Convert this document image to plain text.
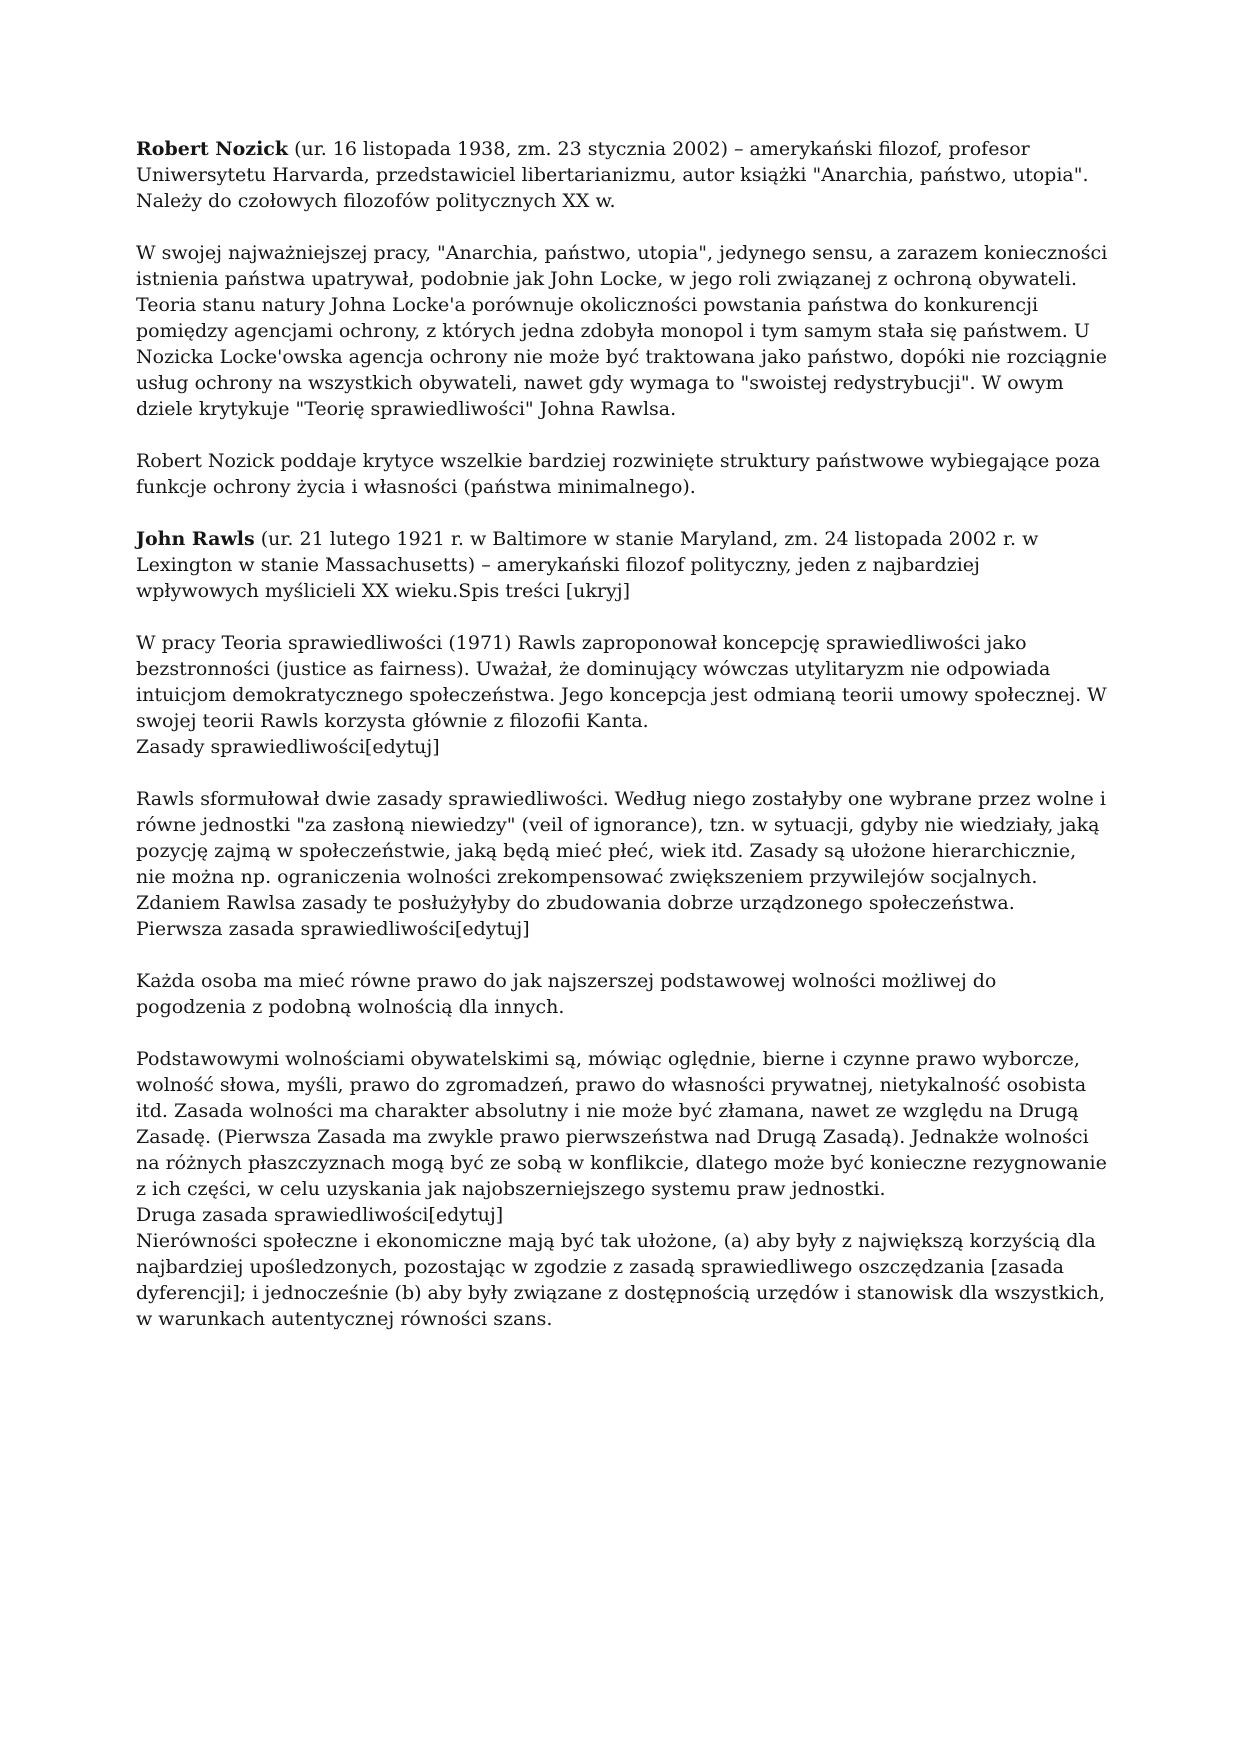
Robert Nozick (ur. 16 listopada 1938, zm. 23 stycznia 2002) – amerykański filozof, profesor Uniwersytetu Harvarda, przedstawiciel libertarianizmu, autor książki "Anarchia, państwo, utopia". Należy do czołowych filozofów politycznych XX w.

W swojej najważniejszej pracy, "Anarchia, państwo, utopia", jedynego sensu, a zarazem konieczności istnienia państwa upatrywał, podobnie jak John Locke, w jego roli związanej z ochroną obywateli. Teoria stanu natury Johna Locke'a porównuje okoliczności powstania państwa do konkurencji pomiędzy agencjami ochrony, z których jedna zdobyła monopol i tym samym stała się państwem. U Nozicka Locke'owska agencja ochrony nie może być traktowana jako państwo, dopóki nie rozciągnie usług ochrony na wszystkich obywateli, nawet gdy wymaga to "swoistej redystrybucji". W owym dziele krytykuje "Teorię sprawiedliwości" Johna Rawlsa.

Robert Nozick poddaje krytyce wszelkie bardziej rozwinięte struktury państwowe wybiegające poza funkcje ochrony życia i własności (państwa minimalnego).

John Rawls (ur. 21 lutego 1921 r. w Baltimore w stanie Maryland, zm. 24 listopada 2002 r. w Lexington w stanie Massachusetts) – amerykański filozof polityczny, jeden z najbardziej wpływowych myślicieli XX wieku.Spis treści [ukryj]

W pracy Teoria sprawiedliwości (1971) Rawls zaproponował koncepcję sprawiedliwości jako bezstronności (justice as fairness). Uważał, że dominujący wówczas utylitaryzm nie odpowiada intuicjom demokratycznego społeczeństwa. Jego koncepcja jest odmianą teorii umowy społecznej. W swojej teorii Rawls korzysta głównie z filozofii Kanta.
Zasady sprawiedliwości[edytuj]
Rawls sformułował dwie zasady sprawiedliwości. Według niego zostałyby one wybrane przez wolne i równe jednostki "za zasłoną niewiedzy" (veil of ignorance), tzn. w sytuacji, gdyby nie wiedziały, jaką pozycję zajmą w społeczeństwie, jaką będą mieć płeć, wiek itd. Zasady są ułożone hierarchicznie, nie można np. ograniczenia wolności zrekompensować zwiększeniem przywilejów socjalnych. Zdaniem Rawlsa zasady te posłużyłyby do zbudowania dobrze urządzonego społeczeństwa.
Pierwsza zasada sprawiedliwości[edytuj]

Każda osoba ma mieć równe prawo do jak najszerszej podstawowej wolności możliwej do pogodzenia z podobną wolnością dla innych.

Podstawowymi wolnościami obywatelskimi są, mówiąc oględnie, bierne i czynne prawo wyborcze, wolność słowa, myśli, prawo do zgromadzeń, prawo do własności prywatnej, nietykalność osobista itd. Zasada wolności ma charakter absolutny i nie może być złamana, nawet ze względu na Drugą Zasadę. (Pierwsza Zasada ma zwykle prawo pierwszeństwa nad Drugą Zasadą). Jednakże wolności na różnych płaszczyznach mogą być ze sobą w konflikcie, dlatego może być konieczne rezygnowanie z ich części, w celu uzyskania jak najobszerniejszego systemu praw jednostki.
Druga zasada sprawiedliwości[edytuj]
Nierówności społeczne i ekonomiczne mają być tak ułożone, (a) aby były z największą korzyścią dla najbardziej upośledzonych, pozostając w zgodzie z zasadą sprawiedliwego oszczędzania [zasada dyferencji]; i jednocześnie (b) aby były związane z dostępnością urzędów i stanowisk dla wszystkich, w warunkach autentycznej równości szans.
